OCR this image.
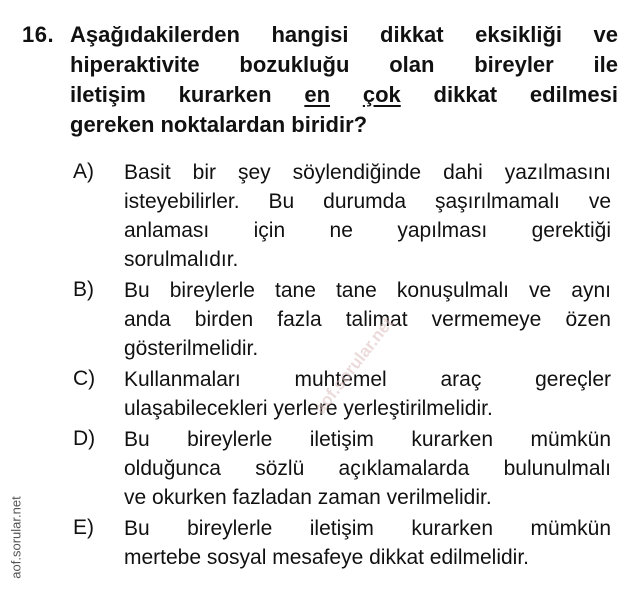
16. Aşağıdakilerden hangisi dikkat eksikliği ve
hiperaktivite bozukluğu olan bireyler ile
iletişim kurarken en çok dikkat edilmesi
gereken noktalardan biridir?
A) Basit bir şey söylendiğinde dahi yazılmasını
isteyebilirler. Bu durumda şaşırılmamalı ve
anlaması için ne yapılması gerektiği
sorulmalıdır.
B) Bu bireylerle tane tane konuşulmalı ve aynı
anda birden fazla talimat vermemeye özen
gösterilmelidir.
C) Kullanmaları muhtemel araç gereçler
ulaşabilecekleri yerlere yerleştirilmelidir.
D) Bu bireylerle iletişim kurarken mümkün
olduğunca sözlü açıklamalarda bulunulmalı
ve okurken fazladan zaman verilmelidir.
E) Bu bireylerle iletişim kurarken mümkün
mertebe sosyal mesafeye dikkat edilmelidir.
aof.sorular.net
aof.sorular.net
